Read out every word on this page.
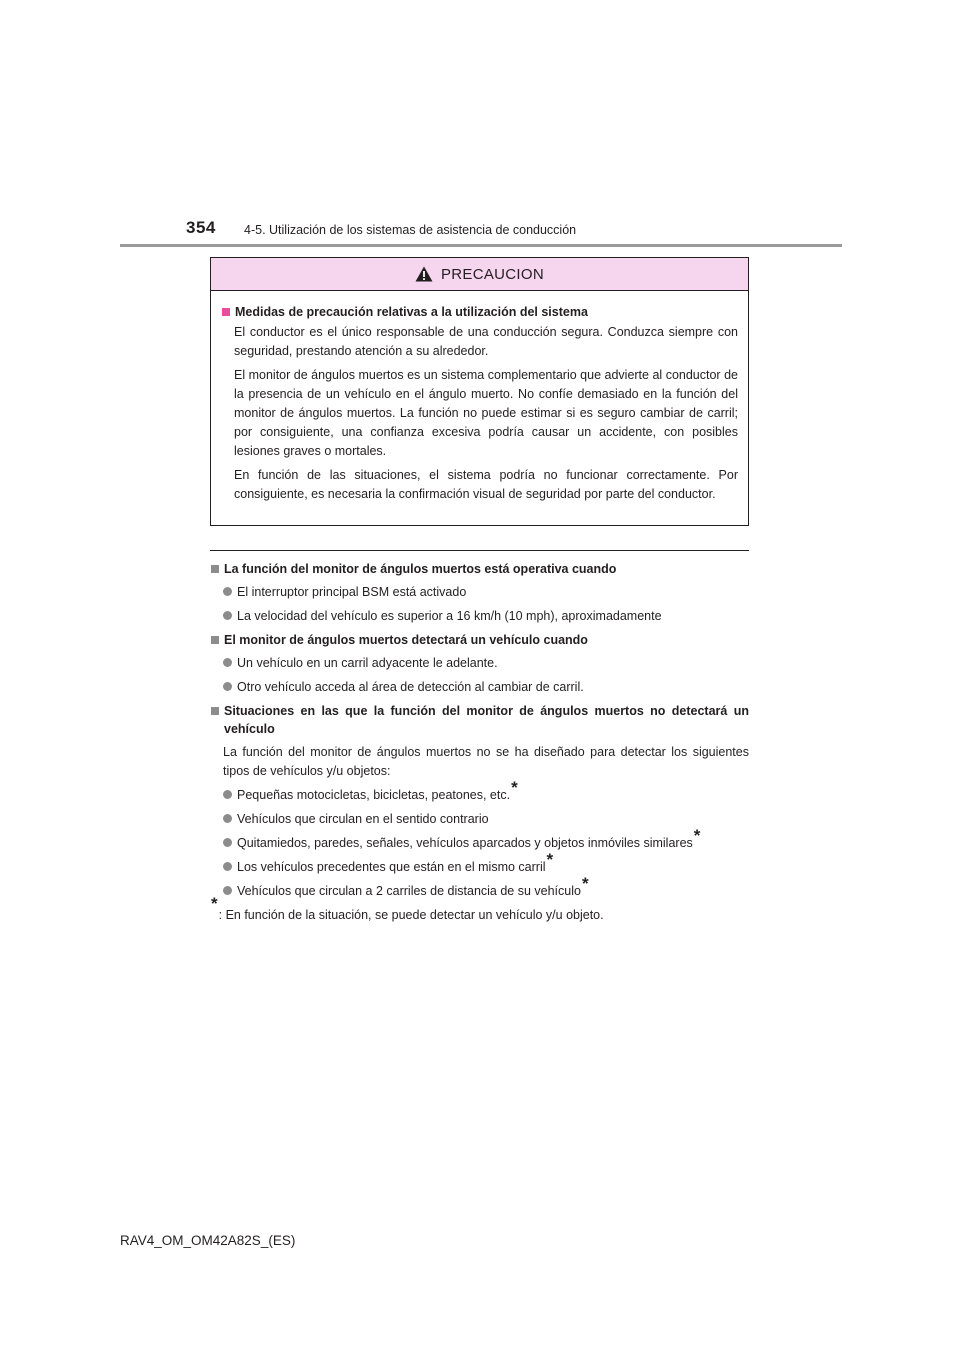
354 4-5. Utilización de los sistemas de asistencia de conducción
PRECAUCION
Medidas de precaución relativas a la utilización del sistema

El conductor es el único responsable de una conducción segura. Conduzca siempre con seguridad, prestando atención a su alrededor.

El monitor de ángulos muertos es un sistema complementario que advierte al conductor de la presencia de un vehículo en el ángulo muerto. No confíe demasiado en la función del monitor de ángulos muertos. La función no puede estimar si es seguro cambiar de carril; por consiguiente, una confianza excesiva podría causar un accidente, con posibles lesiones graves o mortales.

En función de las situaciones, el sistema podría no funcionar correctamente. Por consiguiente, es necesaria la confirmación visual de seguridad por parte del conductor.

La función del monitor de ángulos muertos está operativa cuando
El interruptor principal BSM está activado
La velocidad del vehículo es superior a 16 km/h (10 mph), aproximadamente
El monitor de ángulos muertos detectará un vehículo cuando
Un vehículo en un carril adyacente le adelante.
Otro vehículo acceda al área de detección al cambiar de carril.
Situaciones en las que la función del monitor de ángulos muertos no detectará un vehículo

La función del monitor de ángulos muertos no se ha diseñado para detectar los siguientes tipos de vehículos y/u objetos:

Pequeñas motocicletas, bicicletas, peatones, etc.*
Vehículos que circulan en el sentido contrario
Quitamiedos, paredes, señales, vehículos aparcados y objetos inmóviles similares*
Los vehículos precedentes que están en el mismo carril*
Vehículos que circulan a 2 carriles de distancia de su vehículo*
*
: En función de la situación, se puede detectar un vehículo y/u objeto.
RAV4_OM_OM42A82S_(ES)
